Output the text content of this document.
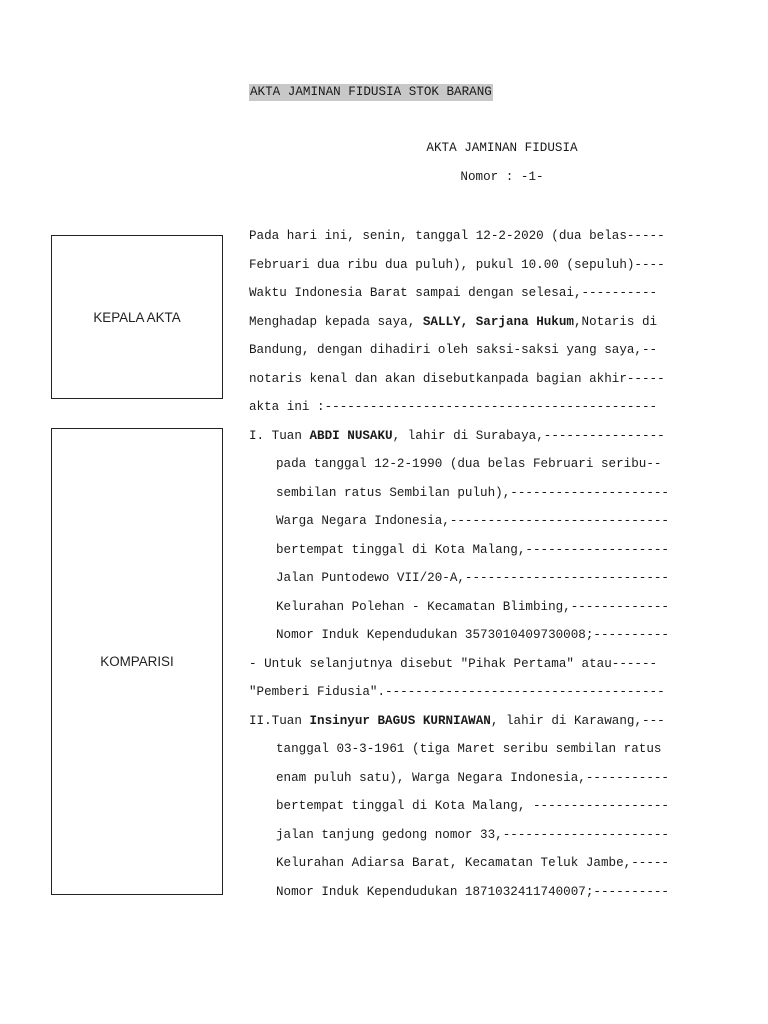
AKTA JAMINAN FIDUSIA STOK BARANG
AKTA JAMINAN FIDUSIA
Nomor : -1-
KEPALA AKTA
KOMPARISI
Pada hari ini, senin, tanggal 12-2-2020 (dua belas-----
Februari dua ribu dua puluh), pukul 10.00 (sepuluh)----
Waktu Indonesia Barat sampai dengan selesai,----------
Menghadap kepada saya, SALLY, Sarjana Hukum,Notaris di
Bandung, dengan dihadiri oleh saksi-saksi yang saya,--
notaris kenal dan akan disebutkanpada bagian akhir-----
akta ini :--------------------------------------------
I. Tuan ABDI NUSAKU, lahir di Surabaya,----------------
pada tanggal 12-2-1990 (dua belas Februari seribu--
sembilan ratus Sembilan puluh),---------------------
Warga Negara Indonesia,-----------------------------
bertempat tinggal di Kota Malang,-------------------
Jalan Puntodewo VII/20-A,---------------------------
Kelurahan Polehan - Kecamatan Blimbing,-------------
Nomor Induk Kependudukan 3573010409730008;----------
- Untuk selanjutnya disebut "Pihak Pertama" atau------
"Pemberi Fidusia".-------------------------------------
II.Tuan Insinyur BAGUS KURNIAWAN, lahir di Karawang,---
tanggal 03-3-1961 (tiga Maret seribu sembilan ratus
enam puluh satu), Warga Negara Indonesia,-----------
bertempat tinggal di Kota Malang, ------------------
jalan tanjung gedong nomor 33,----------------------
Kelurahan Adiarsa Barat, Kecamatan Teluk Jambe,-----
Nomor Induk Kependudukan 1871032411740007;----------
